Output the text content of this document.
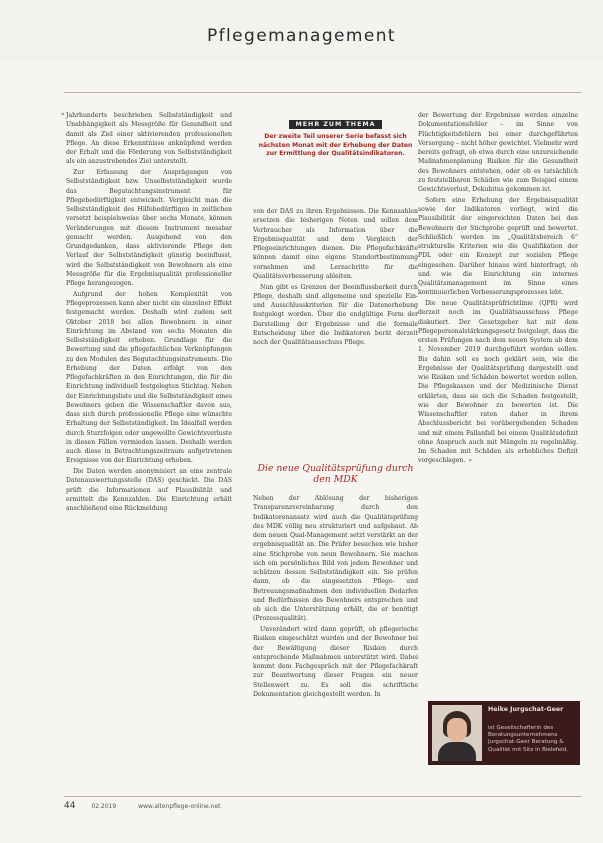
Pflegemanagement
» Jahrhunderts beschrieben Selbstständigkeit und Unabhängigkeit als Messgröße für Gesundheit und damit als Ziel einer aktivierenden professionellen Pflege. An diese Erkenntnisse anknüpfend werden der Erhalt und die Förderung von Selbstständigkeit als ein anzustrebendes Ziel unterstellt.

Zur Erfassung der Ausprägungen von Selbstständigkeit bzw. Unselbstständigkeit wurde das Begutachtungsinstrument für Pflegebedürftigkeit entwickelt. Vergleicht man die Selbstständigkeit des Hilfebedürftigen in zeitlichen versetzt beispielsweise über sechs Monate, können Veränderungen mit diesem Instrument messbar gemacht werden. Ausgehend von den Grundgedanken, dass aktivierende Pflege den Verlauf der Selbstständigkeit günstig beeinflusst, wird die Selbstständigkeit von Bewohnern als eine Messgröße für die Ergebnisqualität professioneller Pflege herangezogen.

Aufgrund der hohen Komplexität von Pflegeprozessen kann aber nicht ein einzelner Effekt festgemacht werden. Deshalb wird zudem seit Oktober 2018 bei allen Bewohnern in einer Einrichtung im Abstand von sechs Monaten die Selbstständigkeit erhoben. Grundlage für die Bewertung sind die pflegefachlichen Verknüpfungen zu den Modulen des Begutachtungsinstruments. Die Erhebung der Daten erfolgt von den Pflegefachkräften in den Einrichtungen, die für die Einrichtung individuell festgelegten Stichtag. Neben der Einrichtungsliste und die Selbstständigkeit eines Bewohners geben die Wissenschaftler davon aus, dass sich durch professionelle Pflege eine wünschte Erhaltung der Selbstständigkeit. Im Idealfall werden durch Sturzfolgen oder ungewollte Gewichtsverluste in diesen Fällen vermieden lassen. Deshalb werden auch diese in Betrachtungszeitraum aufgetretenen Ereignisse von der Einrichtung erhoben.

Die Daten werden anonymisiert an eine zentrale Datenauswertungsstelle (DAS) geschickt. Die DAS prüft die Informationen auf Plausibilität und ermittelt die Kennzahlen. Die Einrichtung erhält anschließend eine Rückmeldung

MEHR ZUM THEMA
Der zweite Teil unserer Serie befasst sich nächsten Monat mit der Erhebung der Daten zur Ermittlung der Qualitätsindikatoren.

von der DAS zu ihren Ergebnissen. Die Kennzahlen ersetzen die bisherigen Noten und sollen dem Verbraucher als Information über die Ergebnisqualität und dem Vergleich der Pflegeeinrichtungen dienen. Die Pflegefachkräfte können damit eine eigene Standortbestimmung vornehmen und Lernschritte für die Qualitätsverbesserung ableiten.

Nun gibt es Grenzen der Beeinflussbarkeit durch Pflege, deshalb sind allgemeine und spezielle Ein- und Ausschlusskriterien für die Datenerhebung festgelegt worden. Über die endgültige Form der Darstellung der Ergebnisse und die formale Entscheidung über die Indikatoren berät derzeit noch der Qualitätsausschuss Pflege.

Die neue Qualitätsprüfung durch den MDK

Neben der Ablösung der bisherigen Transparenzvereinbarung durch den Indikatorenansatz wird auch die Qualitätsprüfung des MDK völlig neu strukturiert und aufgebaut. Ab dem neuen Qual-Management setzt verstärkt an der ergebnisqualität an. Die Prüfer besuchen wie bisher eine Stichprobe von neun Bewohnern. Sie machen sich ein persönliches Bild von jedem Bewohner und schätzen dessen Selbstständigkeit ein. Sie prüfen dann, ob die eingesetzten Pflege- und Betreuungsmaßnahmen den individuellen Bedarfen und Bedürfnissen des Bewohners entsprechen und ob sich die Unterstützung erhält, die er benötigt (Prozessqualität).

Unverändert wird dann geprüft, ob pflegerische Risiken eingeschätzt wurden und der Bewohner bei der Bewältigung dieser Risiken durch entsprechende Maßnahmen unterstützt wird. Dabei kommt dem Fachgespräch mit der Pflegefachkraft zur Beantwortung dieser Fragen ein neuer Stellenwert zu. Es soll die schriftliche Dokumentation gleichgestellt werden. In

der Bewertung der Ergebnisse werden einzelne Dokumentationsfehler – im Sinne von Flüchtigkeitsfehlern bei einer durchgeführten Versorgung – nicht höher gewichtet. Vielmehr wird bereits gefragt, ob etwa durch eine unzureichende Maßnahmenplanung Risiken für die Gesundheit des Bewohners entstehen, oder ob es tatsächlich zu feststellbaren Schäden wie zum Beispiel einem Gewichtsverlust, Dekubitus gekommen ist.

Sofern eine Erhebung der Ergebnisqualität sowie der Indikatoren vorliegt, wird die Plausibilität der eingereichten Daten bei den Bewohnern der Stichprobe geprüft und bewertet. Schließlich werden im „Qualitätsbereich 6“ strukturelle Kriterien wie die Qualifikation der PDL oder ein Konzept zur sozialen Pflege eingesehen. Darüber hinaus wird hinterfragt, ob und wie die Einrichtung ein internes Qualitätsmanagement im Sinne eines kontinuierlichen Verbesserungsprozesses lebt.

Die neue Qualitätsprüfrichtlinie (QPR) wird derzeit noch im Qualitätsausschuss Pflege diskutiert. Der Gesetzgeber hat mit dem Pflegepersonalstärkungsgesetz festgelegt, dass die ersten Prüfungen nach dem neuen System ab dem 1. November 2019 durchgeführt werden sollen. Bis dahin soll es noch geklärt sein, wie die Ergebnisse der Qualitätsprüfung dargestellt und wie Risiken und Schäden bewertet werden sollen. Die Pflegekassen und der Medizinische Dienst erklärten, dass sie sich die Schaden festgestellt, wie der Bewohner zu bewerten ist. Die Wissenschaftler raten daher in ihrem Abschlussbericht bei vorübergehenden Schaden und mit einem Fallanfall bei einem Qualitätsdefizit ohne Anspruch auch mit Mängeln zu regelmäßig. Im Schaden mit Schäden als erhebliches Defizit vorgeschlagen. »

Heike Jurgschat-Geer
ist Gesellschafterin des Beratungsunternehmens Jurgschat-Geer Beratung & Qualität mit Sitz in Bielefeld.
44	02.2019	www.altenpflege-online.net
